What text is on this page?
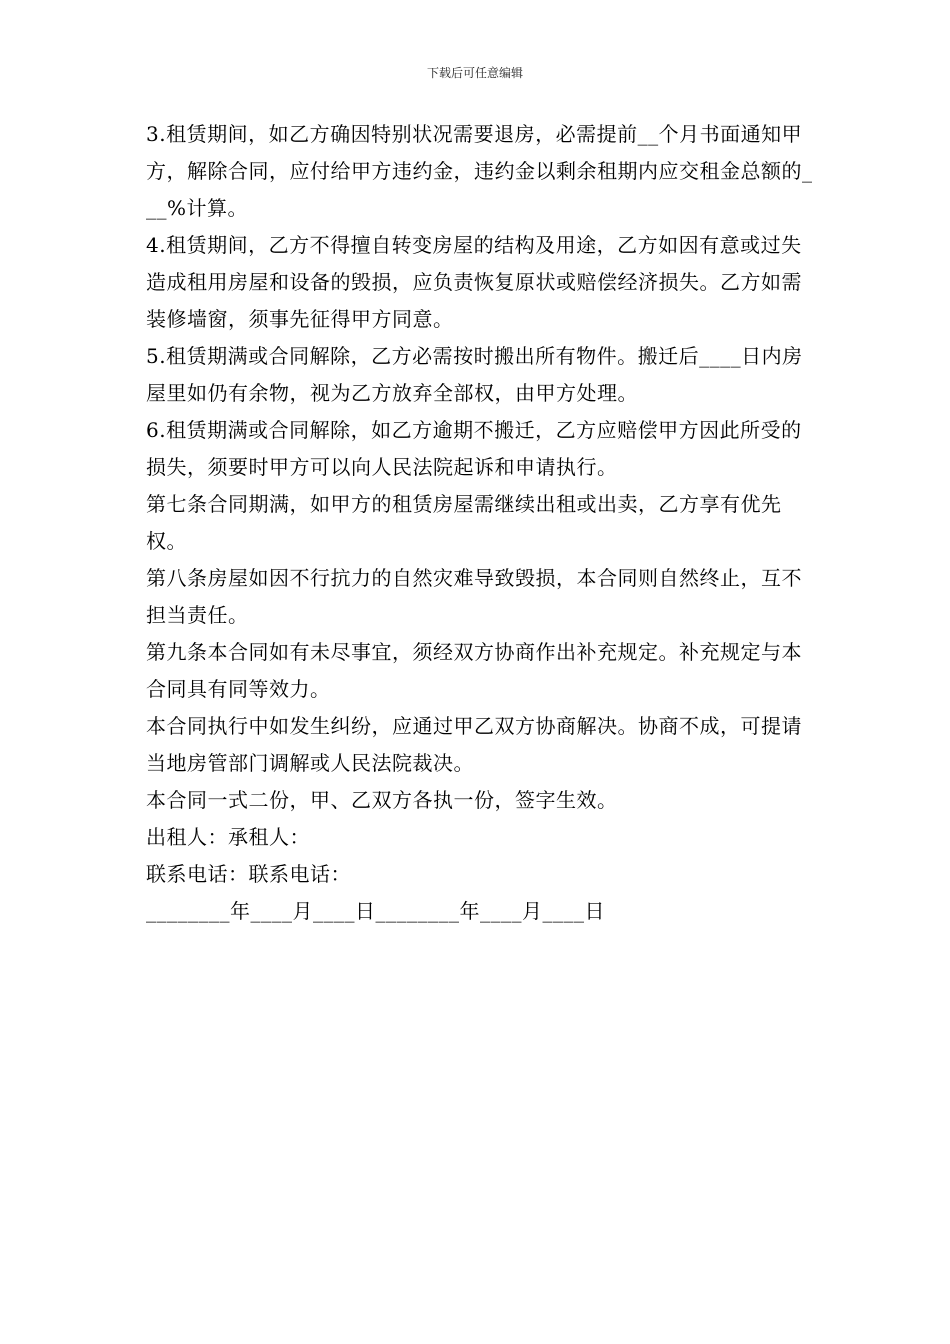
下载后可任意编辑

3.租赁期间，如乙方确因特别状况需要退房，必需提前__个月书面通知甲方，解除合同，应付给甲方违约金，违约金以剩余租期内应交租金总额的___%计算。

4.租赁期间，乙方不得擅自转变房屋的结构及用途，乙方如因有意或过失造成租用房屋和设备的毁损，应负责恢复原状或赔偿经济损失。乙方如需装修墙窗，须事先征得甲方同意。

5.租赁期满或合同解除，乙方必需按时搬出所有物件。搬迁后____日内房屋里如仍有余物，视为乙方放弃全部权，由甲方处理。

6.租赁期满或合同解除，如乙方逾期不搬迁，乙方应赔偿甲方因此所受的损失，须要时甲方可以向人民法院起诉和申请执行。

第七条合同期满，如甲方的租赁房屋需继续出租或出卖，乙方享有优先权。

第八条房屋如因不行抗力的自然灾难导致毁损，本合同则自然终止，互不担当责任。

第九条本合同如有未尽事宜，须经双方协商作出补充规定。补充规定与本合同具有同等效力。

本合同执行中如发生纠纷，应通过甲乙双方协商解决。协商不成，可提请当地房管部门调解或人民法院裁决。

本合同一式二份，甲、乙双方各执一份，签字生效。

出租人：承租人：

联系电话：联系电话：

________年____月____日________年____月____日
